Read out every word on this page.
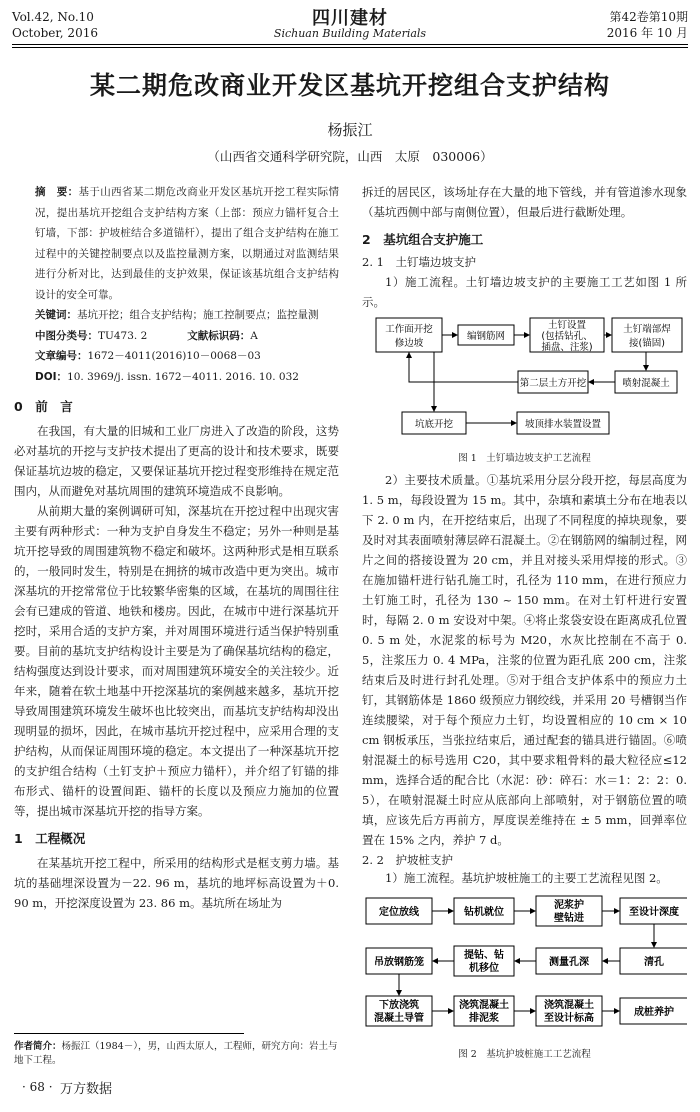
Vol.42, No.10
October, 2016
四川建材
Sichuan Building Materials
第42卷第10期
2016 年 10 月
某二期危改商业开发区基坑开挖组合支护结构
杨振江
（山西省交通科学研究院，山西　太原　030006）

摘　要：基于山西省某二期危改商业开发区基坑开挖工程实际情况，提出基坑开挖组合支护结构方案（上部：预应力锚杆复合土钉墙，下部：护坡桩结合多道锚杆），提出了组合支护结构在施工过程中的关键控制要点以及监控量测方案，以期通过对监测结果进行分析对比，达到最佳的支护效果，保证该基坑组合支护结构设计的安全可靠。

关键词：基坑开挖；组合支护结构；施工控制要点；监控量测

中图分类号：TU473. 2	文献标识码：A

文章编号：1672－4011(2016)10－0068－03

DOI：10. 3969/j. issn. 1672－4011. 2016. 10. 032

0　前　言

在我国，有大量的旧城和工业厂房进入了改造的阶段，这势必对基坑的开挖与支护技术提出了更高的设计和技术要求，既要保证基坑边坡的稳定，又要保证基坑开挖过程变形维持在规定范围内，从而避免对基坑周围的建筑环境造成不良影响。

从前期大量的案例调研可知，深基坑在开挖过程中出现灾害主要有两种形式：一种为支护自身发生不稳定；另外一种则是基坑开挖导致的周围建筑物不稳定和破坏。这两种形式是相互联系的，一般同时发生，特别是在拥挤的城市改造中更为突出。城市深基坑的开挖常常位于比较繁华密集的区域，在基坑的周围往往会有已建成的管道、地铁和楼房。因此，在城市中进行深基坑开挖时，采用合适的支护方案，并对周围环境进行适当保护特别重要。目前的基坑支护结构设计主要是为了确保基坑结构的稳定，结构强度达到设计要求，而对周围建筑环境安全的关注较少。近年来，随着在软土地基中开挖深基坑的案例越来越多，基坑开挖导致周围建筑环境发生破坏也比较突出，而基坑支护结构却没出现明显的损坏，因此，在城市基坑开挖过程中，应采用合理的支护结构，从而保证周围环境的稳定。本文提出了一种深基坑开挖的支护组合结构（土钉支护＋预应力锚杆），并介绍了钉锚的排布形式、锚杆的设置间距、锚杆的长度以及预应力施加的位置等，提出城市深基坑开挖的指导方案。

1　工程概况

在某基坑开挖工程中，所采用的结构形式是框支剪力墙。基坑的基础埋深设置为－22. 96 m，基坑的地坪标高设置为＋0. 90 m，开挖深度设置为 23. 86 m。基坑所在场址为

作者简介：杨振江（1984－），男，山西太原人，工程师，研究方向：岩土与地下工程。
· 68 · 万方数据

拆迁的居民区，该场址存在大量的地下管线，并有管道渗水现象（基坑西侧中部与南侧位置），但最后进行截断处理。

2　基坑组合支护施工
2. 1　土钉墙边坡支护

1）施工流程。土钉墙边坡支护的主要施工工艺如图 1 所示。

工作面开挖
修边坡
编钢筋网
土钉设置
(包括钻孔、
插盘、注浆)
土钉端部焊
接(锚固)
喷射混凝土
第二层土方开挖
坑底开挖	坡顶排水装置设置
图 1　土钉墙边坡支护工艺流程

2）主要技术质量。①基坑采用分层分段开挖，每层高度为 1. 5 m，每段设置为 15 m。其中，杂填和素填土分布在地表以下 2. 0 m 内，在开挖结束后，出现了不同程度的掉块现象，要及时对其表面喷射薄层碎石混凝土。②在钢筋网的编制过程，网片之间的搭接设置为 20 cm，并且对接头采用焊接的形式。③在施加锚杆进行钻孔施工时，孔径为 110 mm，在进行预应力土钉施工时，孔径为 130 ~ 150 mm。在对土钉杆进行安置时，每隔 2. 0 m 安设对中架。④将止浆袋安设在距离成孔位置 0. 5 m 处，水泥浆的标号为 M20，水灰比控制在不高于 0. 5，注浆压力 0. 4 MPa，注浆的位置为距孔底 200 cm，注浆结束后及时进行封孔处理。⑤对于组合支护体系中的预应力土钉，其钢筋体是 1860 级预应力钢绞线，并采用 20 号槽钢当作连续腰梁，对于每个预应力土钉，均设置相应的 10 cm × 10 cm 钢板承压，当张拉结束后，通过配套的锚具进行锚固。⑥喷射混凝土的标号选用 C20，其中要求粗骨料的最大粒径应≤12 mm，选择合适的配合比（水泥：砂：碎石：水＝1：2：2：0. 5），在喷射混凝土时应从底部向上部喷射，对于钢筋位置的喷填，应该先后方再前方，厚度误差维持在 ± 5 mm，回弹率位置在 15% 之内，养护 7 d。

2. 2　护坡桩支护

1）施工流程。基坑护坡桩施工的主要工艺流程见图 2。

定位放线	钻机就位
泥浆护
壁钻进
至设计深度
吊放钢筋笼
提钻、钻
机移位
测量孔深	清孔
下放浇筑
混凝土导管
浇筑混凝土
排泥浆
浇筑混凝土
至设计标高
成桩养护
图 2　基坑护坡桩施工工艺流程
